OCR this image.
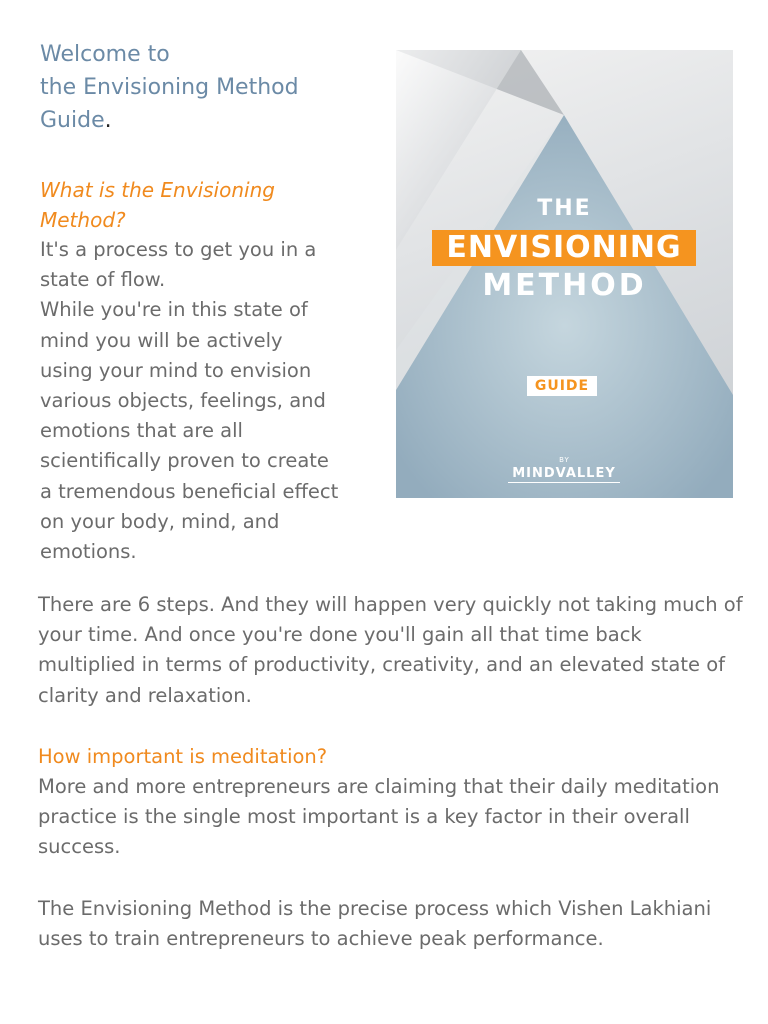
Welcome to
the Envisioning Method
Guide.

What is the Envisioning Method?

It's a process to get you in a state of flow.

While you're in this state of mind you will be actively using your mind to envision various objects, feelings, and emotions that are all scientifically proven to create a tremendous beneficial effect on your body, mind, and emotions.

THE
ENVISIONING
METHOD
GUIDE
BY
MINDVALLEY

There are 6 steps. And they will happen very quickly not taking much of your time. And once you're done you'll gain all that time back multiplied in terms of productivity, creativity, and an elevated state of clarity and relaxation.

How important is meditation?

More and more entrepreneurs are claiming that their daily meditation practice is the single most important is a key factor in their overall success.

The Envisioning Method is the precise process which Vishen Lakhiani uses to train entrepreneurs to achieve peak performance.
